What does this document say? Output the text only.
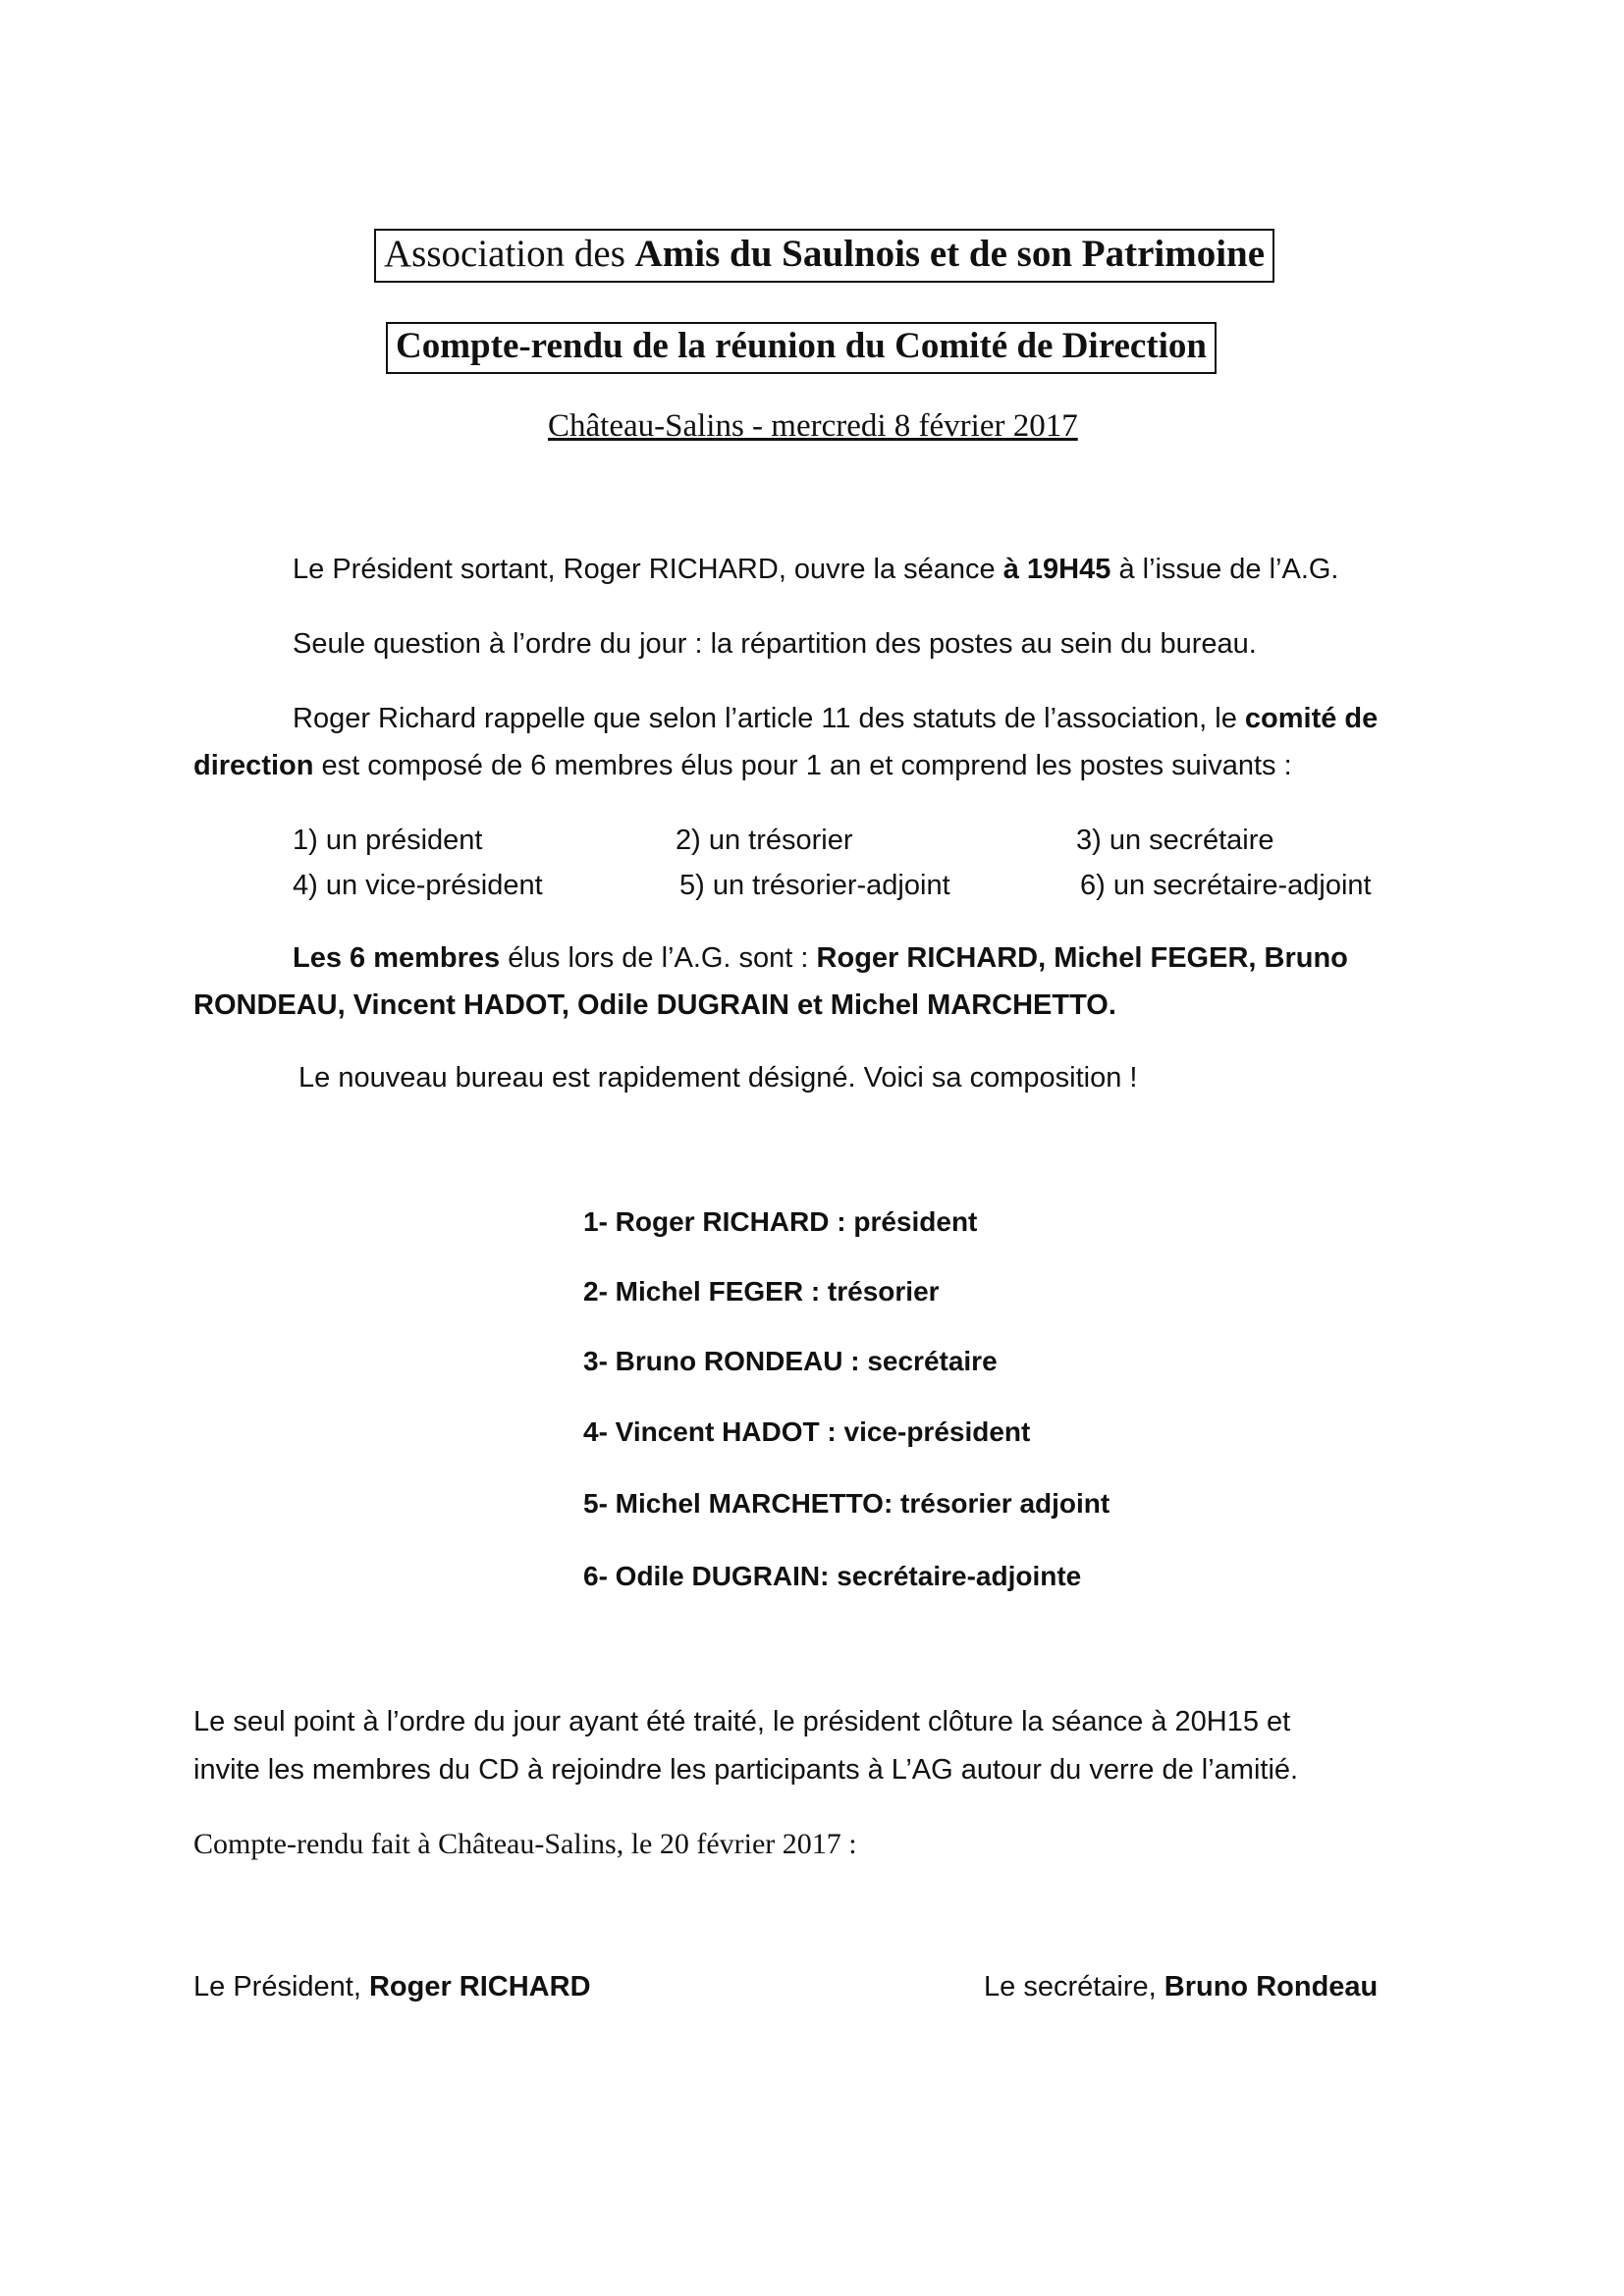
Association des Amis du Saulnois et de son Patrimoine
Compte-rendu de la réunion du Comité de Direction
Château-Salins - mercredi 8 février 2017
Le Président sortant, Roger RICHARD, ouvre la séance à 19H45 à l’issue de l’A.G.
Seule question à l’ordre du jour : la répartition des postes au sein du bureau.
Roger Richard rappelle que selon l’article 11 des statuts de l’association, le comité de
direction est composé de 6 membres élus pour 1 an et comprend les postes suivants :
1) un président	2) un trésorier	3) un secrétaire
4) un vice-président	5) un trésorier-adjoint	6) un secrétaire-adjoint
Les 6 membres élus lors de l’A.G. sont : Roger RICHARD, Michel FEGER, Bruno
RONDEAU, Vincent HADOT, Odile DUGRAIN et Michel MARCHETTO.
Le nouveau bureau est rapidement désigné. Voici sa composition !
1- Roger RICHARD : président
2- Michel FEGER : trésorier
3- Bruno RONDEAU : secrétaire
4- Vincent HADOT : vice-président
5- Michel MARCHETTO: trésorier adjoint
6- Odile DUGRAIN: secrétaire-adjointe
Le seul point à l’ordre du jour ayant été traité, le président clôture la séance à 20H15 et
invite les membres du CD à rejoindre les participants à L’AG autour du verre de l’amitié.
Compte-rendu fait à Château-Salins, le 20 février 2017 :
Le Président, Roger RICHARD	Le secrétaire, Bruno Rondeau
